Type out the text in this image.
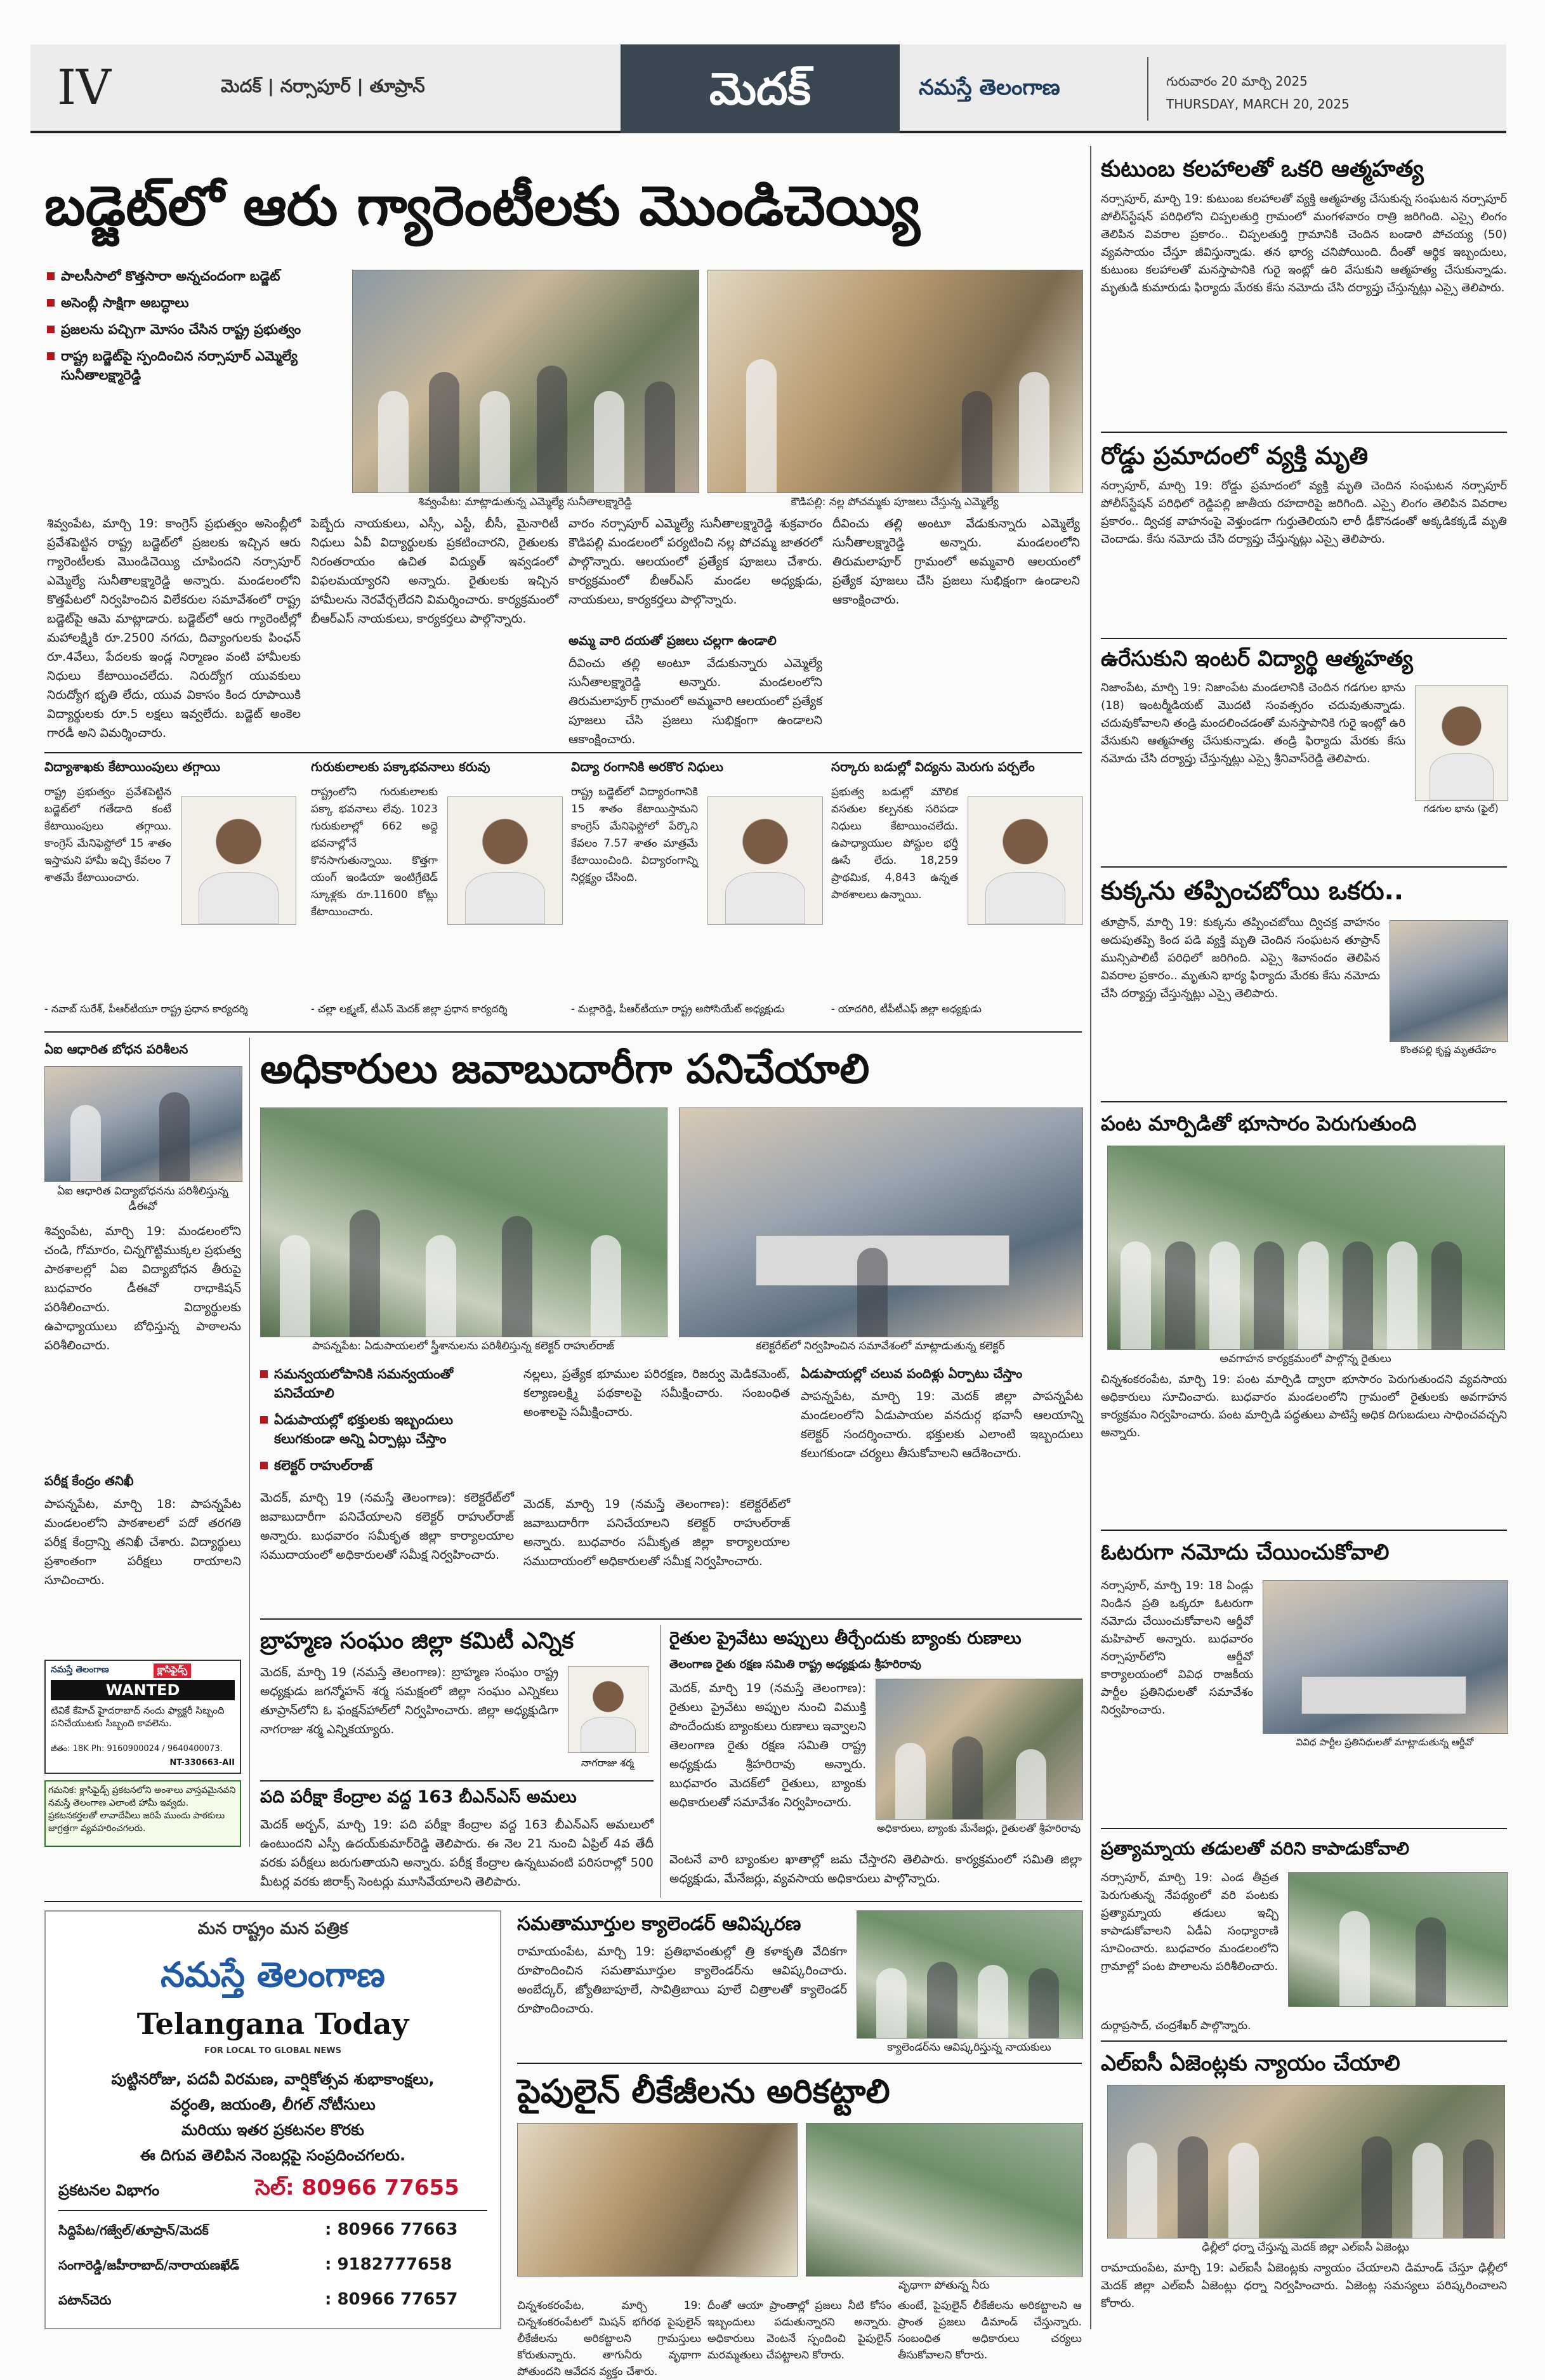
IV	మెదక్ | నర్సాపూర్ | తూప్రాన్	మెదక్	నమస్తే తెలంగాణ	గురువారం 20 మార్చి 2025
THURSDAY, MARCH 20, 2025
బడ్జెట్‌లో ఆరు గ్యారెంటీలకు మొండిచెయ్యి
పాలసీసాలో కొత్తసారా అన్నచందంగా బడ్జెట్
అసెంబ్లీ సాక్షిగా అబద్ధాలు
ప్రజలను పచ్చిగా మోసం చేసిన రాష్ట్ర ప్రభుత్వం
రాష్ట్ర బడ్జెట్‌పై స్పందించిన నర్సాపూర్ ఎమ్మెల్యే సునీతాలక్ష్మారెడ్డి
శివ్వంపేట: మాట్లాడుతున్న ఎమ్మెల్యే సునీతాలక్ష్మారెడ్డి	కౌడిపల్లి: నల్ల పోచమ్మకు పూజలు చేస్తున్న ఎమ్మెల్యే
శివ్వంపేట, మార్చి 19: కాంగ్రెస్ ప్రభుత్వం అసెంబ్లీలో ప్రవేశపెట్టిన రాష్ట్ర బడ్జెట్‌లో ప్రజలకు ఇచ్చిన ఆరు గ్యారెంటీలకు మొండిచెయ్యి చూపిందని నర్సాపూర్ ఎమ్మెల్యే సునీతాలక్ష్మారెడ్డి అన్నారు. మండలంలోని కొత్తపేటలో నిర్వహించిన విలేకరుల సమావేశంలో రాష్ట్ర బడ్జెట్‌పై ఆమె మాట్లాడారు. బడ్జెట్‌లో ఆరు గ్యారెంటీల్లో మహాలక్ష్మికి రూ.2500 నగదు, దివ్యాంగులకు పింఛన్ రూ.4వేలు, పేదలకు ఇండ్ల నిర్మాణం వంటి హామీలకు నిధులు కేటాయించలేదు. నిరుద్యోగ యువకులు నిరుద్యోగ భృతి లేదు, యువ వికాసం కింద రూపాయికి విద్యార్థులకు రూ.5 లక్షలు ఇవ్వలేదు. బడ్జెట్ అంకెల గారడీ అని విమర్శించారు.
పెబ్బేరు నాయకులు, ఎస్సీ, ఎస్టీ, బీసీ, మైనారిటీ నిధులు ఏవీ విద్యార్థులకు ప్రకటించారని, రైతులకు నిరంతరాయం ఉచిత విద్యుత్ ఇవ్వడంలో విఫలమయ్యారని అన్నారు. రైతులకు ఇచ్చిన హామీలను నెరవేర్చలేదని విమర్శించారు. కార్యక్రమంలో బీఆర్‌ఎస్ నాయకులు, కార్యకర్తలు పాల్గొన్నారు.
వారం నర్సాపూర్ ఎమ్మెల్యే సునీతాలక్ష్మారెడ్డి శుక్రవారం కౌడిపల్లి మండలంలో పర్యటించి నల్ల పోచమ్మ జాతరలో పాల్గొన్నారు. ఆలయంలో ప్రత్యేక పూజలు చేశారు. కార్యక్రమంలో బీఆర్‌ఎస్ మండల అధ్యక్షుడు, నాయకులు, కార్యకర్తలు పాల్గొన్నారు.
అమ్మ వారి దయతో ప్రజలు చల్లగా ఉండాలి
దీవించు తల్లి అంటూ వేడుకున్నారు ఎమ్మెల్యే సునీతాలక్ష్మారెడ్డి అన్నారు. మండలంలోని తిరుమలాపూర్ గ్రామంలో అమ్మవారి ఆలయంలో ప్రత్యేక పూజలు చేసి ప్రజలు సుభిక్షంగా ఉండాలని ఆకాంక్షించారు.
దీవించు తల్లి అంటూ వేడుకున్నారు ఎమ్మెల్యే సునీతాలక్ష్మారెడ్డి అన్నారు. మండలంలోని తిరుమలాపూర్ గ్రామంలో అమ్మవారి ఆలయంలో ప్రత్యేక పూజలు చేసి ప్రజలు సుభిక్షంగా ఉండాలని ఆకాంక్షించారు.
విద్యాశాఖకు కేటాయింపులు తగ్గాయి
రాష్ట్ర ప్రభుత్వం ప్రవేశపెట్టిన బడ్జెట్‌లో గతేడాది కంటే కేటాయింపులు తగ్గాయి. కాంగ్రెస్ మేనిఫెస్టోలో 15 శాతం ఇస్తామని హామీ ఇచ్చి కేవలం 7 శాతమే కేటాయించారు.
- నవాబ్ సురేశ్, పీఆర్‌టీయూ రాష్ట్ర ప్రధాన కార్యదర్శి
గురుకులాలకు పక్కాభవనాలు కరువు
రాష్ట్రంలోని గురుకులాలకు పక్కా భవనాలు లేవు. 1023 గురుకులాల్లో 662 అద్దె భవనాల్లోనే కొనసాగుతున్నాయి. కొత్తగా యంగ్ ఇండియా ఇంటిగ్రేటెడ్ స్కూళ్లకు రూ.11600 కోట్లు కేటాయించారు.
- చల్లా లక్ష్మణ్, టీఎస్ మెదక్ జిల్లా ప్రధాన కార్యదర్శి
విద్యా రంగానికి అరకొర నిధులు
రాష్ట్ర బడ్జెట్‌లో విద్యారంగానికి 15 శాతం కేటాయిస్తామని కాంగ్రెస్ మేనిఫెస్టోలో పేర్కొని కేవలం 7.57 శాతం మాత్రమే కేటాయించింది. విద్యారంగాన్ని నిర్లక్ష్యం చేసింది.
- మల్లారెడ్డి, పీఆర్‌టీయూ రాష్ట్ర అసోసియేట్ అధ్యక్షుడు
సర్కారు బడుల్లో విద్యను మెరుగు పర్చలేం
ప్రభుత్వ బడుల్లో మౌలిక వసతుల కల్పనకు సరిపడా నిధులు కేటాయించలేదు. ఉపాధ్యాయుల పోస్టుల భర్తీ ఊసే లేదు. 18,259 ప్రాథమిక, 4,843 ఉన్నత పాఠశాలలు ఉన్నాయి.
- యాదగిరి, టీపీటీఎఫ్ జిల్లా అధ్యక్షుడు
ఏఐ ఆధారిత బోధన పరిశీలన
ఏఐ ఆధారిత విద్యాబోధనను పరిశీలిస్తున్న డీఈవో
శివ్వంపేట, మార్చి 19: మండలంలోని చండి, గోమారం, చిన్నగొట్టిముక్కల ప్రభుత్వ పాఠశాలల్లో ఏఐ విద్యాబోధన తీరుపై బుధవారం డీఈవో రాధాకిషన్ పరిశీలించారు. విద్యార్థులకు ఉపాధ్యాయులు బోధిస్తున్న పాఠాలను పరిశీలించారు.
పరీక్ష కేంద్రం తనిఖీ
పాపన్నపేట, మార్చి 18: పాపన్నపేట మండలంలోని పాఠశాలలో పదో తరగతి పరీక్ష కేంద్రాన్ని తనిఖీ చేశారు. విద్యార్థులు ప్రశాంతంగా పరీక్షలు రాయాలని సూచించారు.
నమస్తే తెలంగాణ	క్లాసిఫైడ్స్
WANTED
టివికే కేహెచ్ హైదరాబాద్ నందు ఫ్యాక్టరీ సిబ్బంది పనిచేయుటకు సిబ్బంది కావలెను.
జీతం: 18K Ph: 9160900024 / 9640400073.
NT-330663-AII
గమనిక: క్లాసిఫైడ్స్ ప్రకటనలోని అంశాలు వాస్తవమైనవని నమస్తే తెలంగాణ ఎలాంటి హామీ ఇవ్వదు. ప్రకటనకర్తలతో లావాదేవీలు జరిపే ముందు పాఠకులు జాగ్రత్తగా వ్యవహరించగలరు.
అధికారులు జవాబుదారీగా పనిచేయాలి
పాపన్నపేట: ఏడుపాయలలో స్త్రీశానులను పరిశీలిస్తున్న కలెక్టర్ రాహుల్‌రాజ్	కలెక్టరేట్‌లో నిర్వహించిన సమావేశంలో మాట్లాడుతున్న కలెక్టర్
సమన్వయలోపానికి సమన్వయంతో పనిచేయాలి
ఏడుపాయల్లో భక్తులకు ఇబ్బందులు కలుగకుండా అన్ని ఏర్పాట్లు చేస్తాం
కలెక్టర్ రాహుల్‌రాజ్
మెదక్, మార్చి 19 (నమస్తే తెలంగాణ): కలెక్టరేట్‌లో జవాబుదారీగా పనిచేయాలని కలెక్టర్ రాహుల్‌రాజ్ అన్నారు. బుధవారం సమీకృత జిల్లా కార్యాలయాల సముదాయంలో అధికారులతో సమీక్ష నిర్వహించారు.
నల్లలు, ప్రత్యేక భూముల పరిరక్షణ, రిజర్వు మెడికమెంట్, కల్యాణలక్ష్మి పథకాలపై సమీక్షించారు. సంబంధిత అంశాలపై సమీక్షించారు.
మెదక్, మార్చి 19 (నమస్తే తెలంగాణ): కలెక్టరేట్‌లో జవాబుదారీగా పనిచేయాలని కలెక్టర్ రాహుల్‌రాజ్ అన్నారు. బుధవారం సమీకృత జిల్లా కార్యాలయాల సముదాయంలో అధికారులతో సమీక్ష నిర్వహించారు.
ఏడుపాయల్లో చలువ పందిళ్లు ఏర్పాటు చేస్తాం
పాపన్నపేట, మార్చి 19: మెదక్ జిల్లా పాపన్నపేట మండలంలోని ఏడుపాయల వనదుర్గ భవానీ ఆలయాన్ని కలెక్టర్ సందర్శించారు. భక్తులకు ఎలాంటి ఇబ్బందులు కలుగకుండా చర్యలు తీసుకోవాలని ఆదేశించారు.
బ్రాహ్మణ సంఘం జిల్లా కమిటీ ఎన్నిక
మెదక్, మార్చి 19 (నమస్తే తెలంగాణ): బ్రాహ్మణ సంఘం రాష్ట్ర అధ్యక్షుడు జగన్మోహన్ శర్మ సమక్షంలో జిల్లా సంఘం ఎన్నికలు తూప్రాన్‌లోని ఓ ఫంక్షన్‌హాల్‌లో నిర్వహించారు. జిల్లా అధ్యక్షుడిగా నాగరాజు శర్మ ఎన్నికయ్యారు.
నాగరాజు శర్మ
పది పరీక్షా కేంద్రాల వద్ద 163 బీఎన్‌ఎస్ అమలు
మెదక్ అర్బన్, మార్చి 19: పది పరీక్షా కేంద్రాల వద్ద 163 బీఎన్‌ఎస్ అమలులో ఉంటుందని ఎస్పీ ఉదయ్‌కుమార్‌రెడ్డి తెలిపారు. ఈ నెల 21 నుంచి ఏప్రిల్ 4వ తేదీ వరకు పరీక్షలు జరుగుతాయని అన్నారు. పరీక్ష కేంద్రాల ఉన్నటువంటి పరిసరాల్లో 500 మీటర్ల వరకు జిరాక్స్ సెంటర్లు మూసివేయాలని తెలిపారు.
రైతుల ప్రైవేటు అప్పులు తీర్చేందుకు బ్యాంకు రుణాలు
తెలంగాణ రైతు రక్షణ సమితి రాష్ట్ర అధ్యక్షుడు శ్రీహరిరావు
మెదక్, మార్చి 19 (నమస్తే తెలంగాణ): రైతులు ప్రైవేటు అప్పుల నుంచి విముక్తి పొందేందుకు బ్యాంకులు రుణాలు ఇవ్వాలని తెలంగాణ రైతు రక్షణ సమితి రాష్ట్ర అధ్యక్షుడు శ్రీహరిరావు అన్నారు. బుధవారం మెదక్‌లో రైతులు, బ్యాంకు అధికారులతో సమావేశం నిర్వహించారు.
అధికారులు, బ్యాంకు మేనేజర్లు, రైతులతో శ్రీహరిరావు
వెంటనే వారి బ్యాంకుల ఖాతాల్లో జమ చేస్తారని తెలిపారు. కార్యక్రమంలో సమితి జిల్లా అధ్యక్షుడు, మేనేజర్లు, వ్యవసాయ అధికారులు పాల్గొన్నారు.
మన రాష్ట్రం మన పత్రిక
నమస్తే తెలంగాణ
Telangana Today
FOR LOCAL TO GLOBAL NEWS
పుట్టినరోజు, పదవీ విరమణ, వార్షికోత్సవ శుభాకాంక్షలు,
వర్ధంతి, జయంతి, లీగల్ నోటీసులు
మరియు ఇతర ప్రకటనల కొరకు
ఈ దిగువ తెలిపిన నెంబర్లపై సంప్రదించగలరు.
ప్రకటనల విభాగం	సెల్: 80966 77655
సిద్దిపేట/గజ్వేల్/తూప్రాన్/మెదక్	: 80966 77663
సంగారెడ్డి/జహీరాబాద్/నారాయణఖేడ్	: 9182777658
పటాన్‌చెరు	: 80966 77657
సమతామూర్తుల క్యాలెండర్ ఆవిష్కరణ
రామాయంపేట, మార్చి 19: ప్రతిభావంతుల్లో త్రి కళాకృతి వేదికగా రూపొందించిన సమతామూర్తుల క్యాలెండర్‌ను ఆవిష్కరించారు. అంబేద్కర్, జ్యోతిబాపూలే, సావిత్రిబాయి పూలే చిత్రాలతో క్యాలెండర్ రూపొందించారు.
క్యాలెండర్‌ను ఆవిష్కరిస్తున్న నాయకులు
పైపులైన్ లీకేజీలను అరికట్టాలి
వృథాగా పోతున్న నీరు
చిన్నశంకరంపేట, మార్చి 19: చిన్నశంకరంపేటలో మిషన్ భగీరథ పైపులైన్ లీకేజీలను అరికట్టాలని గ్రామస్తులు కోరుతున్నారు. తాగునీరు వృథాగా పోతుందని ఆవేదన వ్యక్తం చేశారు.
దీంతో ఆయా ప్రాంతాల్లో ప్రజలు నీటి కోసం ఇబ్బందులు పడుతున్నారని అన్నారు. అధికారులు వెంటనే స్పందించి పైపులైన్ మరమ్మతులు చేపట్టాలని కోరారు.
తుంటే, పైపులైన్ లీకేజీలను అరికట్టాలని ఆ ప్రాంత ప్రజలు డిమాండ్ చేస్తున్నారు. సంబంధిత అధికారులు చర్యలు తీసుకోవాలని కోరారు.
కుటుంబ కలహాలతో ఒకరి ఆత్మహత్య
నర్సాపూర్, మార్చి 19: కుటుంబ కలహాలతో వ్యక్తి ఆత్మహత్య చేసుకున్న సంఘటన నర్సాపూర్ పోలీస్‌స్టేషన్ పరిధిలోని చిప్పలతుర్తి గ్రామంలో మంగళవారం రాత్రి జరిగింది. ఎస్సై లింగం తెలిపిన వివరాల ప్రకారం.. చిప్పలతుర్తి గ్రామానికి చెందిన బండారి పోచయ్య (50) వ్యవసాయం చేస్తూ జీవిస్తున్నాడు. తన భార్య చనిపోయింది. దీంతో ఆర్థిక ఇబ్బందులు, కుటుంబ కలహాలతో మనస్తాపానికి గురై ఇంట్లో ఉరి వేసుకుని ఆత్మహత్య చేసుకున్నాడు. మృతుడి కుమారుడు ఫిర్యాదు మేరకు కేసు నమోదు చేసి దర్యాప్తు చేస్తున్నట్లు ఎస్సై తెలిపారు.
రోడ్డు ప్రమాదంలో వ్యక్తి మృతి
నర్సాపూర్, మార్చి 19: రోడ్డు ప్రమాదంలో వ్యక్తి మృతి చెందిన సంఘటన నర్సాపూర్ పోలీస్‌స్టేషన్ పరిధిలో రెడ్డిపల్లి జాతీయ రహదారిపై జరిగింది. ఎస్సై లింగం తెలిపిన వివరాల ప్రకారం.. ద్విచక్ర వాహనంపై వెళ్తుండగా గుర్తుతెలియని లారీ ఢీకొనడంతో అక్కడికక్కడే మృతి చెందాడు. కేసు నమోదు చేసి దర్యాప్తు చేస్తున్నట్లు ఎస్సై తెలిపారు.
ఉరేసుకుని ఇంటర్ విద్యార్థి ఆత్మహత్య
నిజాంపేట, మార్చి 19: నిజాంపేట మండలానికి చెందిన గడగుల భాను (18) ఇంటర్మీడియట్ మొదటి సంవత్సరం చదువుతున్నాడు. చదువుకోవాలని తండ్రి మందలించడంతో మనస్తాపానికి గురై ఇంట్లో ఉరి వేసుకుని ఆత్మహత్య చేసుకున్నాడు. తండ్రి ఫిర్యాదు మేరకు కేసు నమోదు చేసి దర్యాప్తు చేస్తున్నట్లు ఎస్సై శ్రీనివాస్‌రెడ్డి తెలిపారు.
గడగుల భాను (ఫైల్)
కుక్కను తప్పించబోయి ఒకరు..
తూప్రాన్, మార్చి 19: కుక్కను తప్పించబోయి ద్విచక్ర వాహనం అదుపుతప్పి కింద పడి వ్యక్తి మృతి చెందిన సంఘటన తూప్రాన్ మున్సిపాలిటీ పరిధిలో జరిగింది. ఎస్సై శివానందం తెలిపిన వివరాల ప్రకారం.. మృతుని భార్య ఫిర్యాదు మేరకు కేసు నమోదు చేసి దర్యాప్తు చేస్తున్నట్లు ఎస్సై తెలిపారు.
కొంతపల్లి కృష్ణ మృతదేహం
పంట మార్పిడితో భూసారం పెరుగుతుంది
అవగాహన కార్యక్రమంలో పాల్గొన్న రైతులు
చిన్నశంకరంపేట, మార్చి 19: పంట మార్పిడి ద్వారా భూసారం పెరుగుతుందని వ్యవసాయ అధికారులు సూచించారు. బుధవారం మండలంలోని గ్రామంలో రైతులకు అవగాహన కార్యక్రమం నిర్వహించారు. పంట మార్పిడి పద్ధతులు పాటిస్తే అధిక దిగుబడులు సాధించవచ్చని అన్నారు.
ఓటరుగా నమోదు చేయించుకోవాలి
నర్సాపూర్, మార్చి 19: 18 ఏండ్లు నిండిన ప్రతి ఒక్కరూ ఓటరుగా నమోదు చేయించుకోవాలని ఆర్డీవో మహిపాల్ అన్నారు. బుధవారం నర్సాపూర్‌లోని ఆర్డీవో కార్యాలయంలో వివిధ రాజకీయ పార్టీల ప్రతినిధులతో సమావేశం నిర్వహించారు.
వివిధ పార్టీల ప్రతినిధులతో మాట్లాడుతున్న ఆర్డీవో
ప్రత్యామ్నాయ తడులతో వరిని కాపాడుకోవాలి
నర్సాపూర్, మార్చి 19: ఎండ తీవ్రత పెరుగుతున్న నేపథ్యంలో వరి పంటకు ప్రత్యామ్నాయ తడులు ఇచ్చి కాపాడుకోవాలని ఏడీఏ సంధ్యారాణి సూచించారు. బుధవారం మండలంలోని గ్రామాల్లో పంట పొలాలను పరిశీలించారు.
దుర్గాప్రసాద్, చంద్రశేఖర్ పాల్గొన్నారు.
ఎల్‌ఐసీ ఏజెంట్లకు న్యాయం చేయాలి
ఢిల్లీలో ధర్నా చేస్తున్న మెదక్ జిల్లా ఎల్‌ఐసీ ఏజెంట్లు
రామాయంపేట, మార్చి 19: ఎల్‌ఐసీ ఏజెంట్లకు న్యాయం చేయాలని డిమాండ్ చేస్తూ ఢిల్లీలో మెదక్ జిల్లా ఎల్‌ఐసీ ఏజెంట్లు ధర్నా నిర్వహించారు. ఏజెంట్ల సమస్యలు పరిష్కరించాలని కోరారు.
